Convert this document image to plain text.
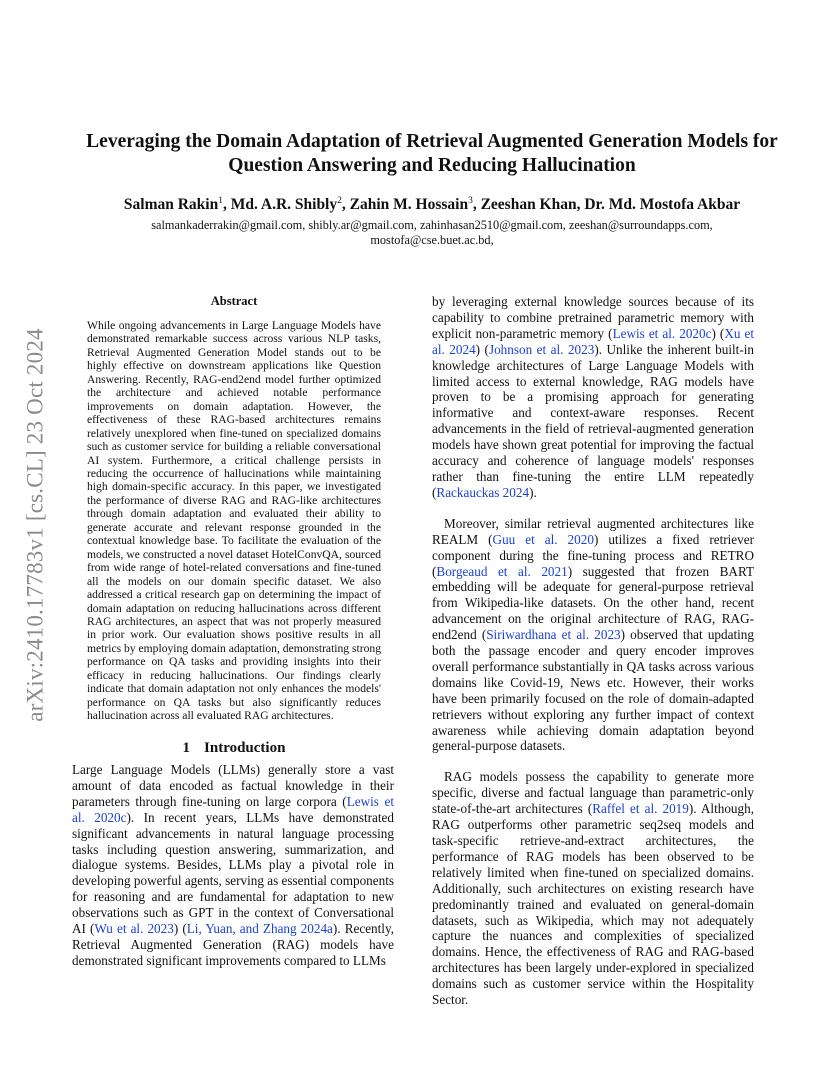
arXiv:2410.17783v1 [cs.CL] 23 Oct 2024
Leveraging the Domain Adaptation of Retrieval Augmented Generation Models for Question Answering and Reducing Hallucination
Salman Rakin$^1$, Md. A.R. Shibly$^2$, Zahin M. Hossain$^3$, Zeeshan Khan, Dr. Md. Mostofa Akbar
salmankaderrakin@gmail.com, shibly.ar@gmail.com, zahinhasan2510@gmail.com, zeeshan@surroundapps.com, mostofa@cse.buet.ac.bd,
Abstract

While ongoing advancements in Large Language Models have demonstrated remarkable success across various NLP tasks, Retrieval Augmented Generation Model stands out to be highly effective on downstream applications like Question Answering. Recently, RAG-end2end model further optimized the architecture and achieved notable performance improvements on domain adaptation. However, the effectiveness of these RAG-based architectures remains relatively unexplored when fine-tuned on specialized domains such as customer service for building a reliable conversational AI system. Furthermore, a critical challenge persists in reducing the occurrence of hallucinations while maintaining high domain-specific accuracy. In this paper, we investigated the performance of diverse RAG and RAG-like architectures through domain adaptation and evaluated their ability to generate accurate and relevant response grounded in the contextual knowledge base. To facilitate the evaluation of the models, we constructed a novel dataset HotelConvQA, sourced from wide range of hotel-related conversations and fine-tuned all the models on our domain specific dataset. We also addressed a critical research gap on determining the impact of domain adaptation on reducing hallucinations across different RAG architectures, an aspect that was not properly measured in prior work. Our evaluation shows positive results in all metrics by employing domain adaptation, demonstrating strong performance on QA tasks and providing insights into their efficacy in reducing hallucinations. Our findings clearly indicate that domain adaptation not only enhances the models' performance on QA tasks but also significantly reduces hallucination across all evaluated RAG architectures.

1 Introduction

Large Language Models (LLMs) generally store a vast amount of data encoded as factual knowledge in their parameters through fine-tuning on large corpora (Lewis et al. 2020c). In recent years, LLMs have demonstrated significant advancements in natural language processing tasks including question answering, summarization, and dialogue systems. Besides, LLMs play a pivotal role in developing powerful agents, serving as essential components for reasoning and are fundamental for adaptation to new observations such as GPT in the context of Conversational AI (Wu et al. 2023) (Li, Yuan, and Zhang 2024a). Recently, Retrieval Augmented Generation (RAG) models have demonstrated significant improvements compared to LLMs

by leveraging external knowledge sources because of its capability to combine pretrained parametric memory with explicit non-parametric memory (Lewis et al. 2020c) (Xu et al. 2024) (Johnson et al. 2023). Unlike the inherent built-in knowledge architectures of Large Language Models with limited access to external knowledge, RAG models have proven to be a promising approach for generating informative and context-aware responses. Recent advancements in the field of retrieval-augmented generation models have shown great potential for improving the factual accuracy and coherence of language models' responses rather than fine-tuning the entire LLM repeatedly (Rackauckas 2024).

Moreover, similar retrieval augmented architectures like REALM (Guu et al. 2020) utilizes a fixed retriever component during the fine-tuning process and RETRO (Borgeaud et al. 2021) suggested that frozen BART embedding will be adequate for general-purpose retrieval from Wikipedia-like datasets. On the other hand, recent advancement on the original architecture of RAG, RAG-end2end (Siriwardhana et al. 2023) observed that updating both the passage encoder and query encoder improves overall performance substantially in QA tasks across various domains like Covid-19, News etc. However, their works have been primarily focused on the role of domain-adapted retrievers without exploring any further impact of context awareness while achieving domain adaptation beyond general-purpose datasets.

RAG models possess the capability to generate more specific, diverse and factual language than parametric-only state-of-the-art architectures (Raffel et al. 2019). Although, RAG outperforms other parametric seq2seq models and task-specific retrieve-and-extract architectures, the performance of RAG models has been observed to be relatively limited when fine-tuned on specialized domains. Additionally, such architectures on existing research have predominantly trained and evaluated on general-domain datasets, such as Wikipedia, which may not adequately capture the nuances and complexities of specialized domains. Hence, the effectiveness of RAG and RAG-based architectures has been largely under-explored in specialized domains such as customer service within the Hospitality Sector.
